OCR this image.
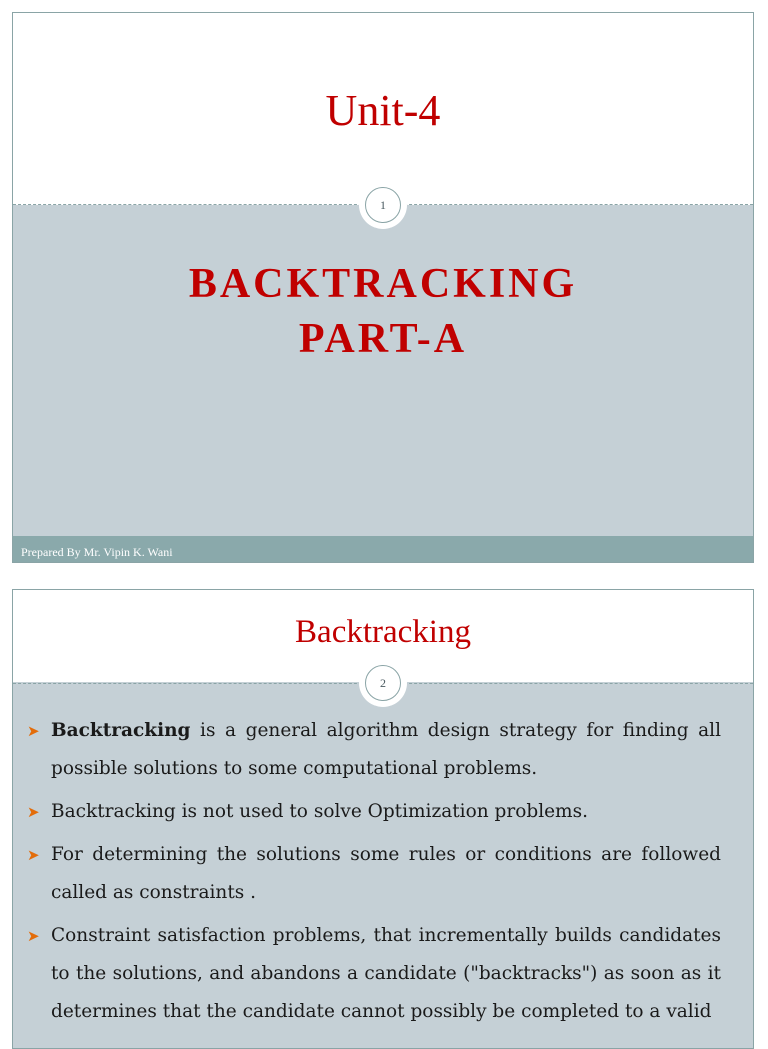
Unit-4
1
BACKTRACKING
PART-A
Prepared By Mr. Vipin K. Wani
Backtracking
2
➤ Backtracking is a general algorithm design strategy for finding all possible solutions to some computational problems.
➤ Backtracking is not used to solve Optimization problems.
➤ For determining the solutions some rules or conditions are followed called as constraints .
➤ Constraint satisfaction problems, that incrementally builds candidates to the solutions, and abandons a candidate ("backtracks") as soon as it determines that the candidate cannot possibly be completed to a valid
